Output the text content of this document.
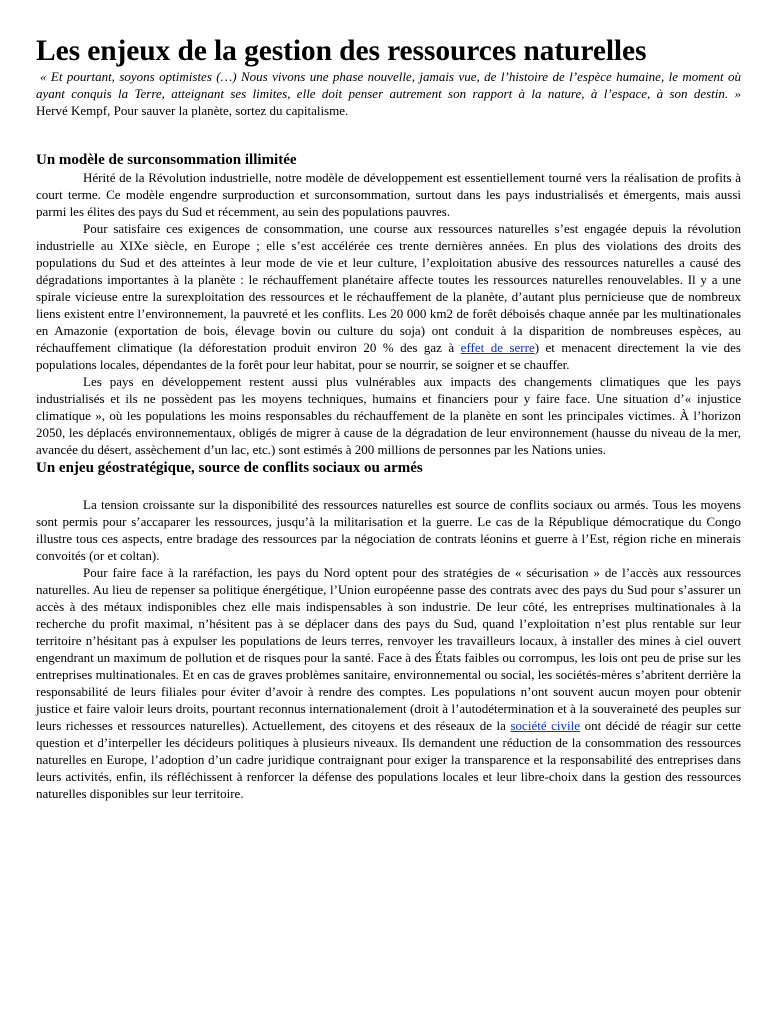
Les enjeux de la gestion des ressources naturelles

« Et pourtant, soyons optimistes (…) Nous vivons une phase nouvelle, jamais vue, de l’histoire de l’espèce humaine, le moment où ayant conquis la Terre, atteignant ses limites, elle doit penser autrement son rapport à la nature, à l’espace, à son destin. »

Hervé Kempf, Pour sauver la planète, sortez du capitalisme.

Un modèle de surconsommation illimitée

Hérité de la Révolution industrielle, notre modèle de développement est essentiellement tourné vers la réalisation de profits à court terme. Ce modèle engendre surproduction et surconsommation, surtout dans les pays industrialisés et émergents, mais aussi parmi les élites des pays du Sud et récemment, au sein des populations pauvres.

Pour satisfaire ces exigences de consommation, une course aux ressources naturelles s’est engagée depuis la révolution industrielle au XIXe siècle, en Europe ; elle s’est accélérée ces trente dernières années. En plus des violations des droits des populations du Sud et des atteintes à leur mode de vie et leur culture, l’exploitation abusive des ressources naturelles a causé des dégradations importantes à la planète : le réchauffement planétaire affecte toutes les ressources naturelles renouvelables. Il y a une spirale vicieuse entre la surexploitation des ressources et le réchauffement de la planète, d’autant plus pernicieuse que de nombreux liens existent entre l’environnement, la pauvreté et les conflits. Les 20 000 km2 de forêt déboisés chaque année par les multinationales en Amazonie (exportation de bois, élevage bovin ou culture du soja) ont conduit à la disparition de nombreuses espèces, au réchauffement climatique (la déforestation produit environ 20 % des gaz à effet de serre) et menacent directement la vie des populations locales, dépendantes de la forêt pour leur habitat, pour se nourrir, se soigner et se chauffer.

Les pays en développement restent aussi plus vulnérables aux impacts des changements climatiques que les pays industrialisés et ils ne possèdent pas les moyens techniques, humains et financiers pour y faire face. Une situation d’« injustice climatique », où les populations les moins responsables du réchauffement de la planète en sont les principales victimes. À l’horizon 2050, les déplacés environnementaux, obligés de migrer à cause de la dégradation de leur environnement (hausse du niveau de la mer, avancée du désert, assèchement d’un lac, etc.) sont estimés à 200 millions de personnes par les Nations unies.

Un enjeu géostratégique, source de conflits sociaux ou armés

La tension croissante sur la disponibilité des ressources naturelles est source de conflits sociaux ou armés. Tous les moyens sont permis pour s’accaparer les ressources, jusqu’à la militarisation et la guerre. Le cas de la République démocratique du Congo illustre tous ces aspects, entre bradage des ressources par la négociation de contrats léonins et guerre à l’Est, région riche en minerais convoités (or et coltan).

Pour faire face à la raréfaction, les pays du Nord optent pour des stratégies de « sécurisation » de l’accès aux ressources naturelles. Au lieu de repenser sa politique énergétique, l’Union européenne passe des contrats avec des pays du Sud pour s’assurer un accès à des métaux indisponibles chez elle mais indispensables à son industrie. De leur côté, les entreprises multinationales à la recherche du profit maximal, n’hésitent pas à se déplacer dans des pays du Sud, quand l’exploitation n’est plus rentable sur leur territoire n’hésitant pas à expulser les populations de leurs terres, renvoyer les travailleurs locaux, à installer des mines à ciel ouvert engendrant un maximum de pollution et de risques pour la santé. Face à des États faibles ou corrompus, les lois ont peu de prise sur les entreprises multinationales. Et en cas de graves problèmes sanitaire, environnemental ou social, les sociétés-mères s’abritent derrière la responsabilité de leurs filiales pour éviter d’avoir à rendre des comptes. Les populations n’ont souvent aucun moyen pour obtenir justice et faire valoir leurs droits, pourtant reconnus internationalement (droit à l’autodétermination et à la souveraineté des peuples sur leurs richesses et ressources naturelles). Actuellement, des citoyens et des réseaux de la société civile ont décidé de réagir sur cette question et d’interpeller les décideurs politiques à plusieurs niveaux. Ils demandent une réduction de la consommation des ressources naturelles en Europe, l’adoption d’un cadre juridique contraignant pour exiger la transparence et la responsabilité des entreprises dans leurs activités, enfin, ils réfléchissent à renforcer la défense des populations locales et leur libre-choix dans la gestion des ressources naturelles disponibles sur leur territoire.
